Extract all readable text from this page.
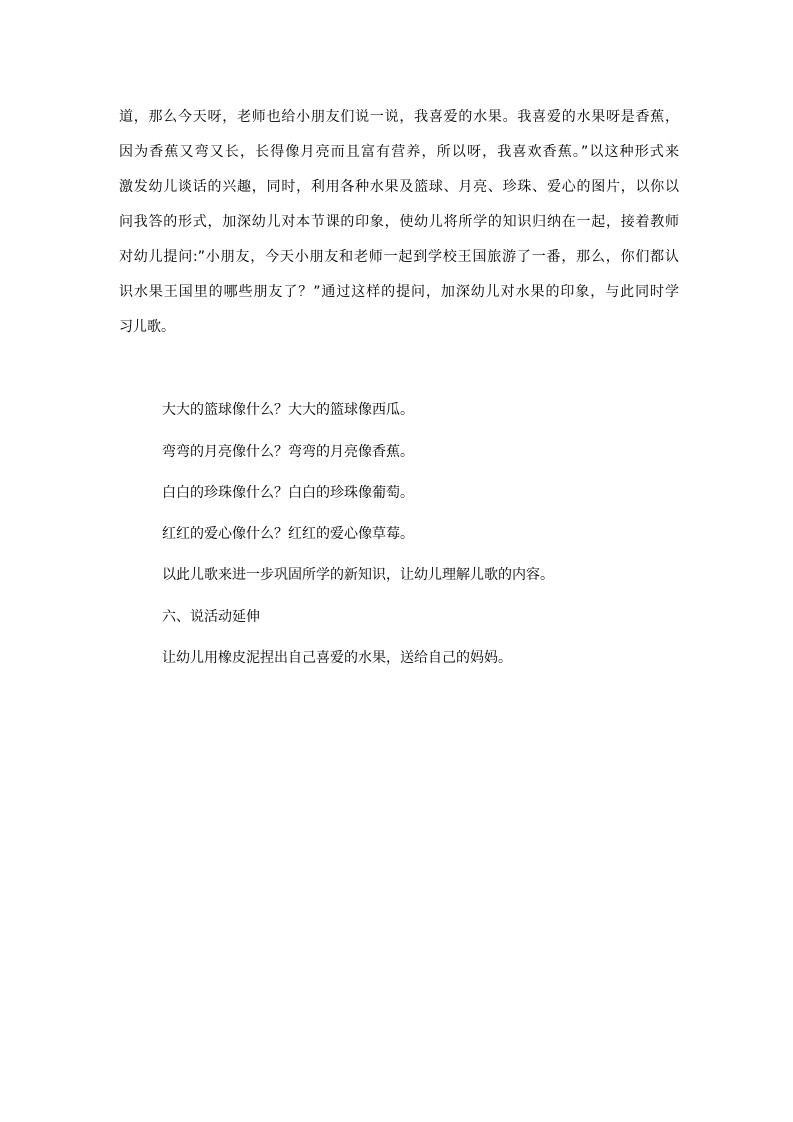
道，那么今天呀，老师也给小朋友们说一说，我喜爱的水果。我喜爱的水果呀是香蕉，
因为香蕉又弯又长，长得像月亮而且富有营养，所以呀，我喜欢香蕉。”以这种形式来
激发幼儿谈话的兴趣，同时，利用各种水果及篮球、月亮、珍珠、爱心的图片，以你以
问我答的形式，加深幼儿对本节课的印象，使幼儿将所学的知识归纳在一起，接着教师
对幼儿提问:”小朋友，今天小朋友和老师一起到学校王国旅游了一番，那么，你们都认
识水果王国里的哪些朋友了？”通过这样的提问，加深幼儿对水果的印象，与此同时学
习儿歌。
大大的篮球像什么？大大的篮球像西瓜。
弯弯的月亮像什么？弯弯的月亮像香蕉。
白白的珍珠像什么？白白的珍珠像葡萄。
红红的爱心像什么？红红的爱心像草莓。
以此儿歌来进一步巩固所学的新知识，让幼儿理解儿歌的内容。
六、说活动延伸
让幼儿用橡皮泥捏出自己喜爱的水果，送给自己的妈妈。
